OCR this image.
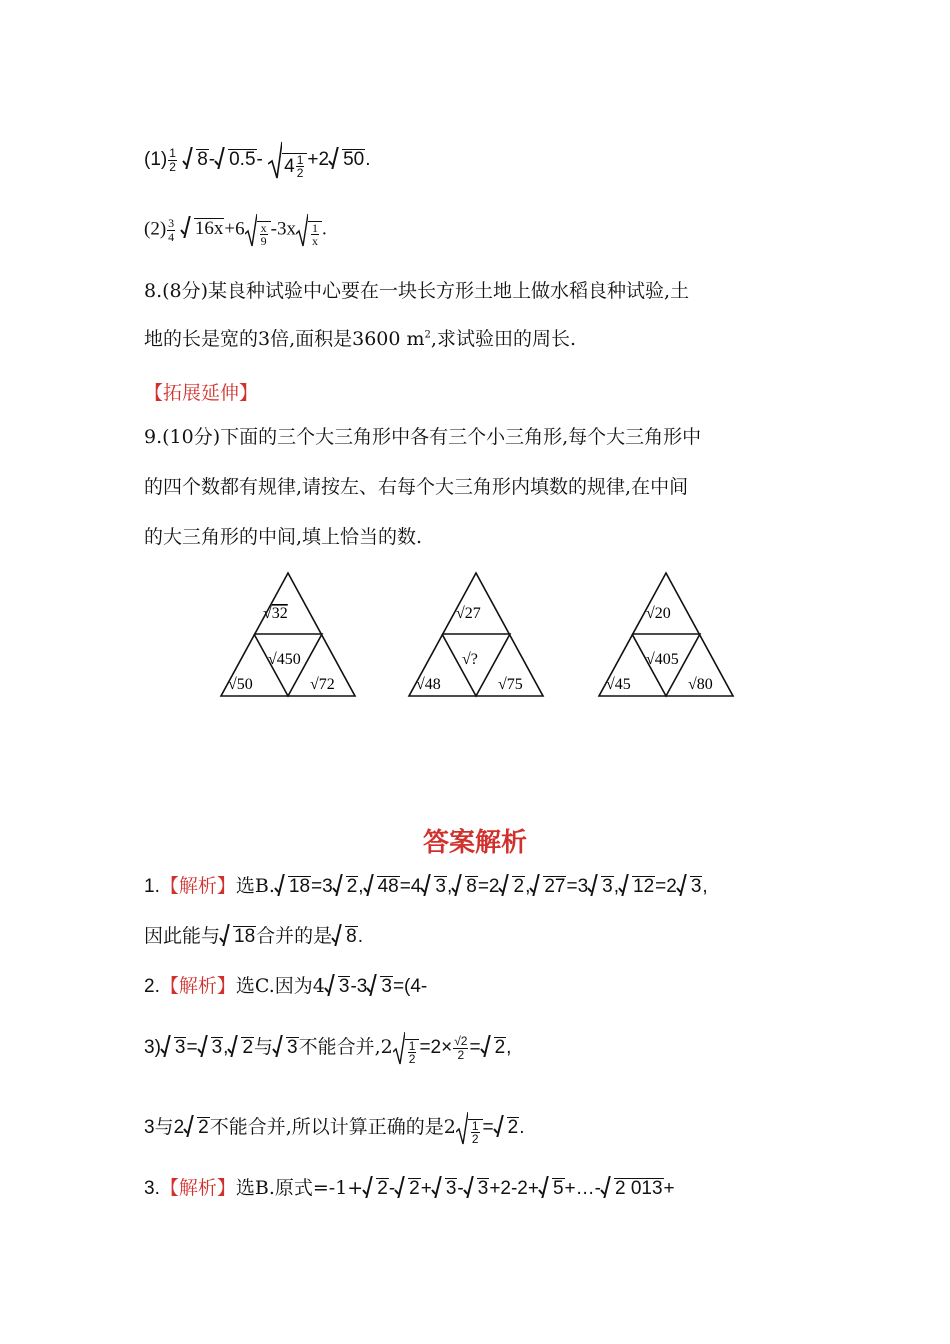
$(1) \frac{1}{2} 8-$ 0.5- $4 \frac{1}{2} +2$ 50.
$(2) \frac{3}{4} 16x+6 \frac{x}{9} -3x \frac{1}{x}$ .
8.(8分)某良种试验中心要在一块长方形土地上做水稻良种试验,土
地的长是宽的3倍,面积是3600 $m^2$,求试验田的周长.
【拓展延伸】
9.(10分)下面的三个大三角形中各有三个小三角形,每个大三角形中
的四个数都有规律,请按左、右每个大三角形内填数的规律,在中间
的大三角形的中间,填上恰当的数.
√32
√450
√50	√72
√27
√?
√48	√75
√20
√405
√45	√80
答案解析
1.【解析】选B. 18=3 2, 48=4 3, 8=2 2, 27=3 3, 12=2 3,
因此能与 18合并的是 8.
2.【解析】选C.因为4 3-3 3=(4-
3) 3= 3, 2与 3不能合并$,2 \frac{1}{2} =2\times \frac{√2}{2} = 2$,
3与2 2不能合并,所以计算正确的是$2 \frac{1}{2} = 2$.
3.【解析】选B.原式=-1+ 2- 2+ 3- 3+2-2+ 5+…- 2 013+
